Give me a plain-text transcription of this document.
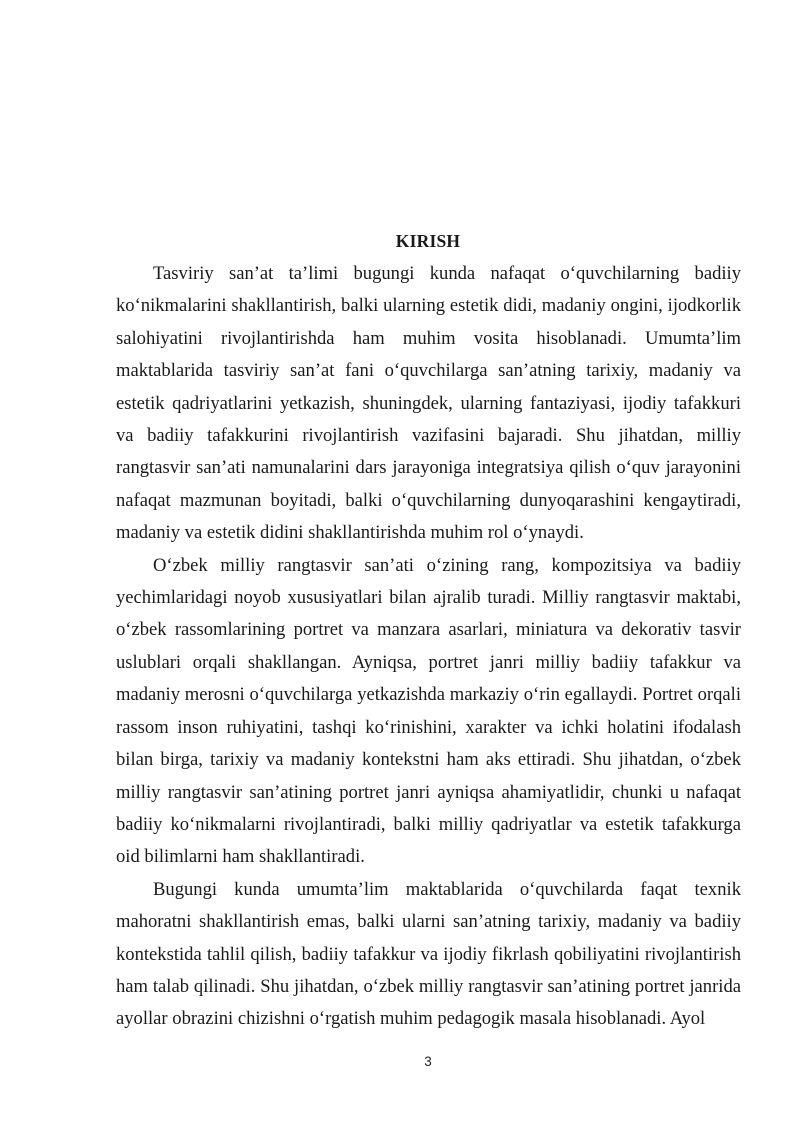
KIRISH

Tasviriy san’at ta’limi bugungi kunda nafaqat o‘quvchilarning badiiy ko‘nikmalarini shakllantirish, balki ularning estetik didi, madaniy ongini, ijodkorlik salohiyatini rivojlantirishda ham muhim vosita hisoblanadi. Umumta’lim maktablarida tasviriy san’at fani o‘quvchilarga san’atning tarixiy, madaniy va estetik qadriyatlarini yetkazish, shuningdek, ularning fantaziyasi, ijodiy tafakkuri va badiiy tafakkurini rivojlantirish vazifasini bajaradi. Shu jihatdan, milliy rangtasvir san’ati namunalarini dars jarayoniga integratsiya qilish o‘quv jarayonini nafaqat mazmunan boyitadi, balki o‘quvchilarning dunyoqarashini kengaytiradi, madaniy va estetik didini shakllantirishda muhim rol o‘ynaydi.

O‘zbek milliy rangtasvir san’ati o‘zining rang, kompozitsiya va badiiy yechimlaridagi noyob xususiyatlari bilan ajralib turadi. Milliy rangtasvir maktabi, o‘zbek rassomlarining portret va manzara asarlari, miniatura va dekorativ tasvir uslublari orqali shakllangan. Ayniqsa, portret janri milliy badiiy tafakkur va madaniy merosni o‘quvchilarga yetkazishda markaziy o‘rin egallaydi. Portret orqali rassom inson ruhiyatini, tashqi ko‘rinishini, xarakter va ichki holatini ifodalash bilan birga, tarixiy va madaniy kontekstni ham aks ettiradi. Shu jihatdan, o‘zbek milliy rangtasvir san’atining portret janri ayniqsa ahamiyatlidir, chunki u nafaqat badiiy ko‘nikmalarni rivojlantiradi, balki milliy qadriyatlar va estetik tafakkurga oid bilimlarni ham shakllantiradi.

Bugungi kunda umumta’lim maktablarida o‘quvchilarda faqat texnik mahoratni shakllantirish emas, balki ularni san’atning tarixiy, madaniy va badiiy kontekstida tahlil qilish, badiiy tafakkur va ijodiy fikrlash qobiliyatini rivojlantirish ham talab qilinadi. Shu jihatdan, o‘zbek milliy rangtasvir san’atining portret janrida ayollar obrazini chizishni o‘rgatish muhim pedagogik masala hisoblanadi. Ayol

3
